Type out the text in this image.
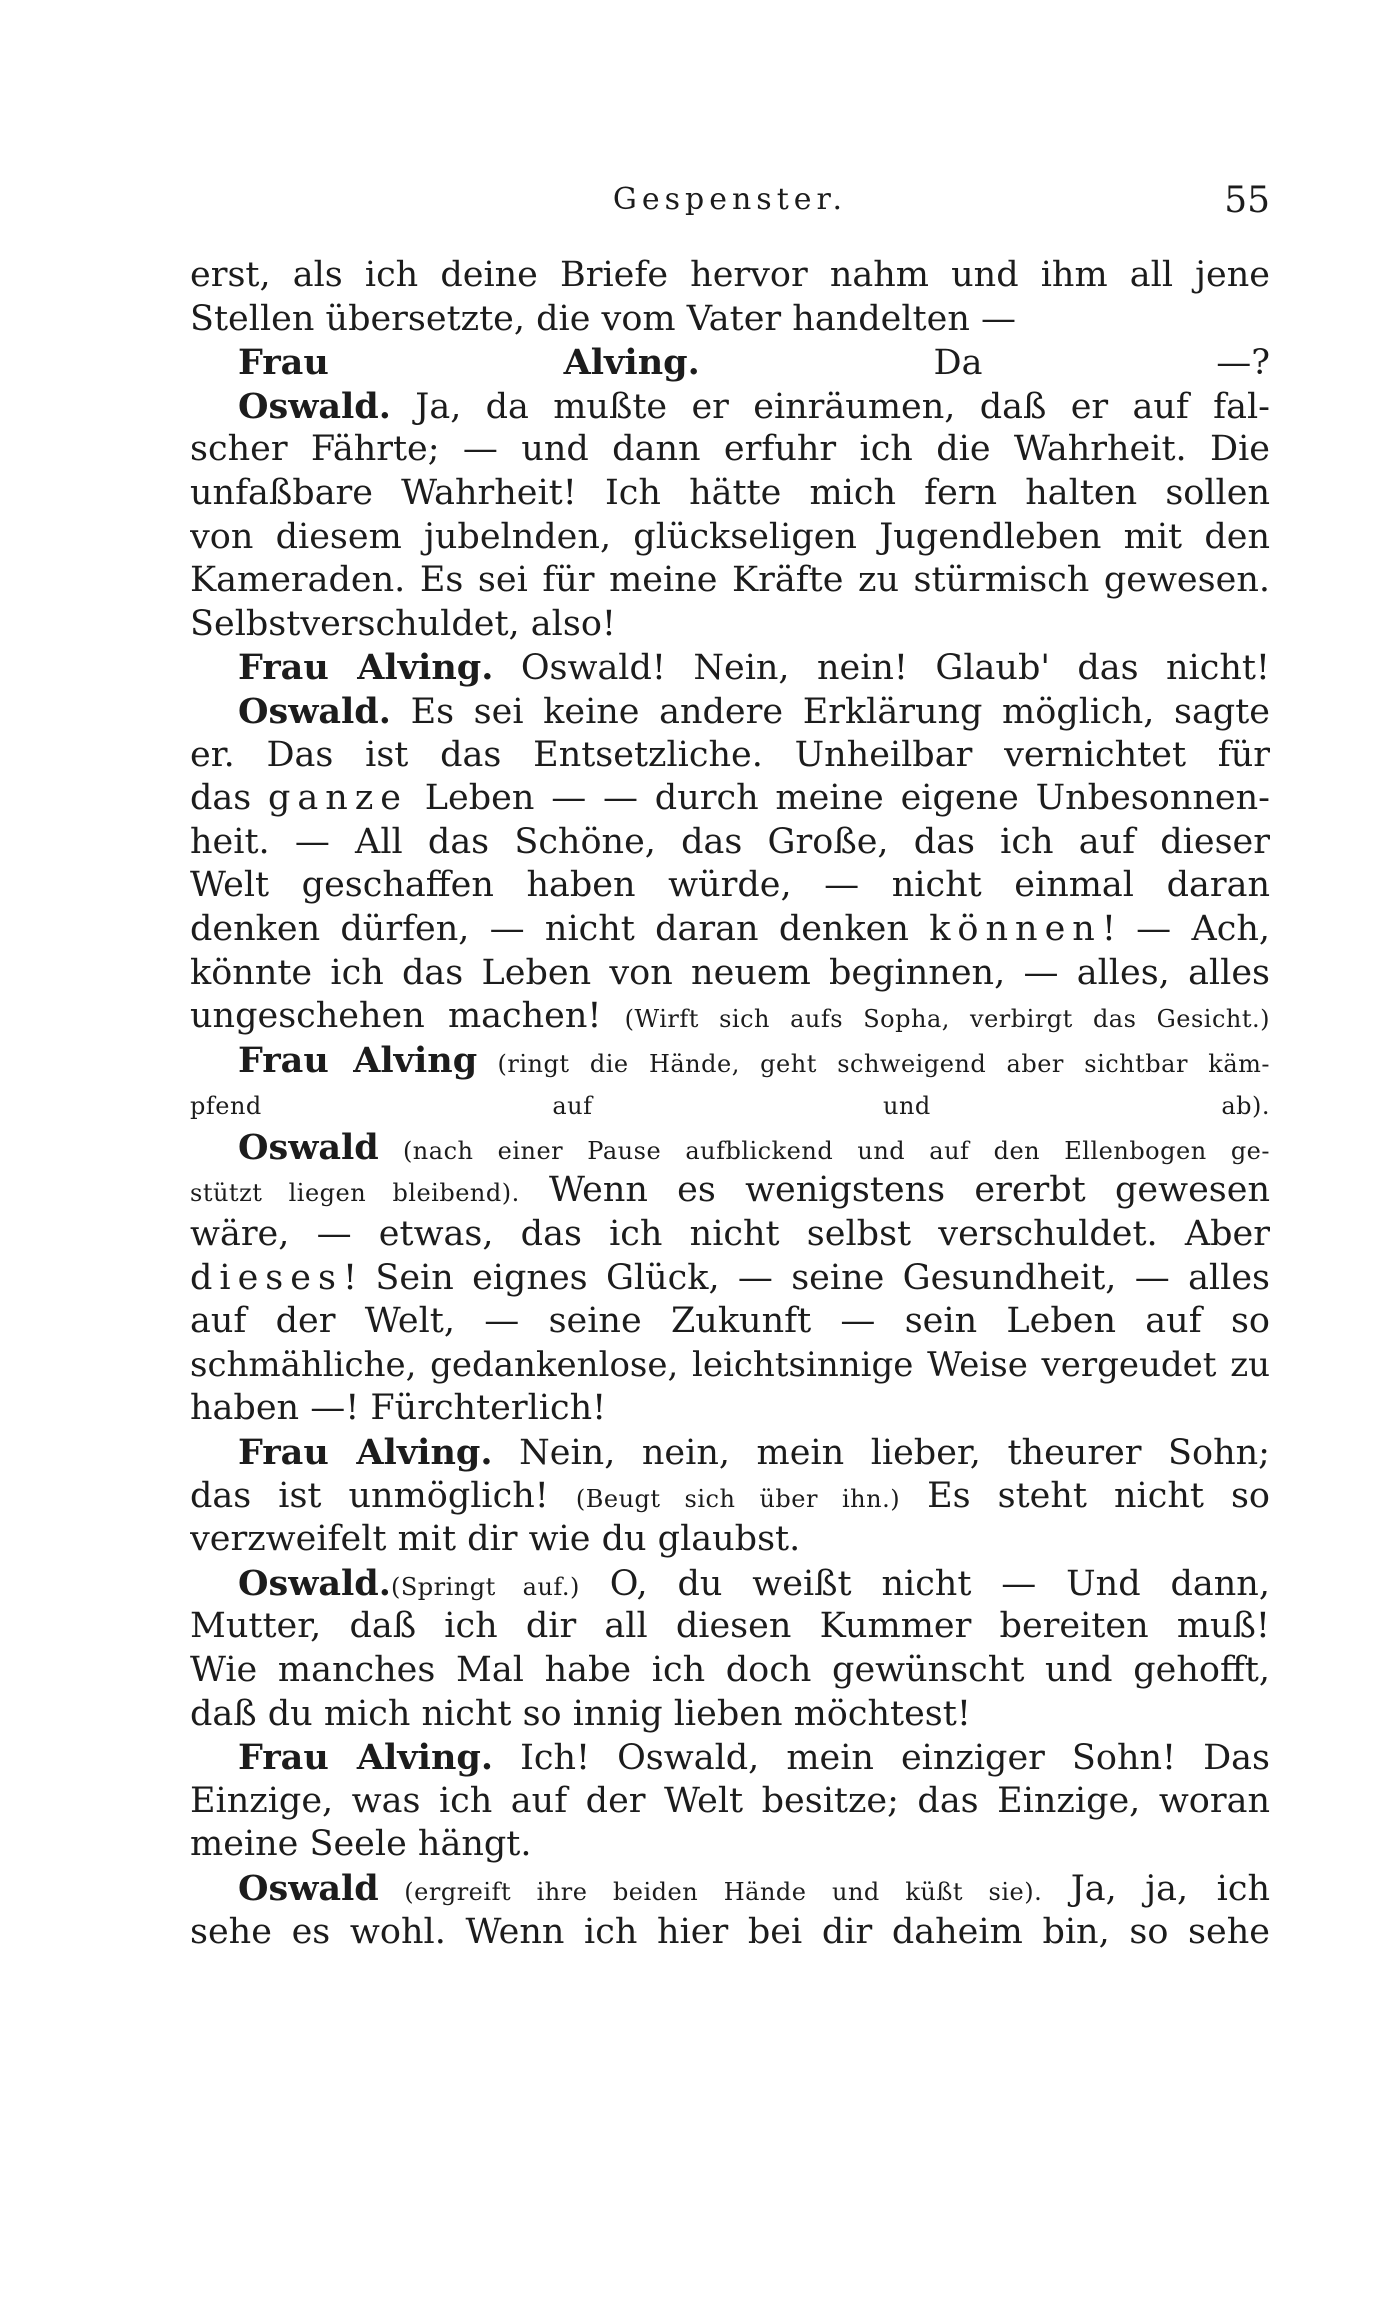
Gespenster.	55
erst, als ich deine Briefe hervor nahm und ihm all jene
Stellen übersetzte, die vom Vater handelten —
Frau Alving. Da —?
Oswald. Ja, da mußte er einräumen, daß er auf fal-
scher Fährte; — und dann erfuhr ich die Wahrheit. Die
unfaßbare Wahrheit! Ich hätte mich fern halten sollen
von diesem jubelnden, glückseligen Jugendleben mit den
Kameraden. Es sei für meine Kräfte zu stürmisch gewesen.
Selbstverschuldet, also!
Frau Alving. Oswald! Nein, nein! Glaub' das nicht!
Oswald. Es sei keine andere Erklärung möglich, sagte
er. Das ist das Entsetzliche. Unheilbar vernichtet für
das ganze Leben — — durch meine eigene Unbesonnen-
heit. — All das Schöne, das Große, das ich auf dieser
Welt geschaffen haben würde, — nicht einmal daran
denken dürfen, — nicht daran denken können! — Ach,
könnte ich das Leben von neuem beginnen, — alles, alles
ungeschehen machen! (Wirft sich aufs Sopha, verbirgt das Gesicht.)
Frau Alving (ringt die Hände, geht schweigend aber sichtbar käm-
pfend auf und ab).
Oswald (nach einer Pause aufblickend und auf den Ellenbogen ge-
stützt liegen bleibend). Wenn es wenigstens ererbt gewesen
wäre, — etwas, das ich nicht selbst verschuldet. Aber
dieses! Sein eignes Glück, — seine Gesundheit, — alles
auf der Welt, — seine Zukunft — sein Leben auf so
schmähliche, gedankenlose, leichtsinnige Weise vergeudet zu
haben —! Fürchterlich!
Frau Alving. Nein, nein, mein lieber, theurer Sohn;
das ist unmöglich! (Beugt sich über ihn.) Es steht nicht so
verzweifelt mit dir wie du glaubst.
Oswald.(Springt auf.) O, du weißt nicht — Und dann,
Mutter, daß ich dir all diesen Kummer bereiten muß!
Wie manches Mal habe ich doch gewünscht und gehofft,
daß du mich nicht so innig lieben möchtest!
Frau Alving. Ich! Oswald, mein einziger Sohn! Das
Einzige, was ich auf der Welt besitze; das Einzige, woran
meine Seele hängt.
Oswald (ergreift ihre beiden Hände und küßt sie). Ja, ja, ich
sehe es wohl. Wenn ich hier bei dir daheim bin, so sehe
